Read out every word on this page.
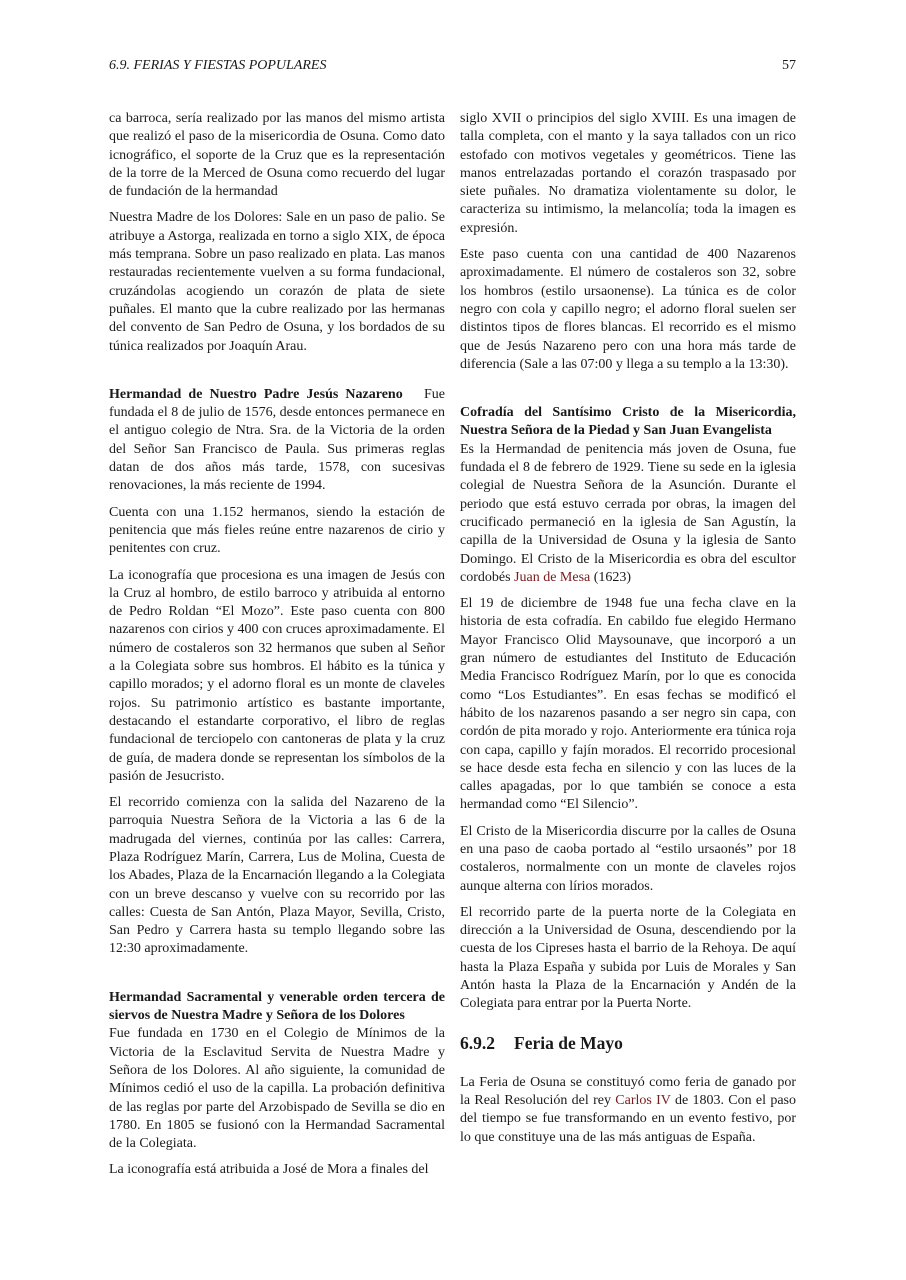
6.9. FERIAS Y FIESTAS POPULARES	57

ca barroca, sería realizado por las manos del mismo artista que realizó el paso de la misericordia de Osuna. Como dato icnográfico, el soporte de la Cruz que es la representación de la torre de la Merced de Osuna como recuerdo del lugar de fundación de la hermandad

Nuestra Madre de los Dolores: Sale en un paso de palio. Se atribuye a Astorga, realizada en torno a siglo XIX, de época más temprana. Sobre un paso realizado en plata. Las manos restauradas recientemente vuelven a su forma fundacional, cruzándolas acogiendo un corazón de plata de siete puñales. El manto que la cubre realizado por las hermanas del convento de San Pedro de Osuna, y los bordados de su túnica realizados por Joaquín Arau.

Hermandad de Nuestro Padre Jesús Nazareno Fue fundada el 8 de julio de 1576, desde entonces permanece en el antiguo colegio de Ntra. Sra. de la Victoria de la orden del Señor San Francisco de Paula. Sus primeras reglas datan de dos años más tarde, 1578, con sucesivas renovaciones, la más reciente de 1994.

Cuenta con una 1.152 hermanos, siendo la estación de penitencia que más fieles reúne entre nazarenos de cirio y penitentes con cruz.

La iconografía que procesiona es una imagen de Jesús con la Cruz al hombro, de estilo barroco y atribuida al entorno de Pedro Roldan “El Mozo”. Este paso cuenta con 800 nazarenos con cirios y 400 con cruces aproximadamente. El número de costaleros son 32 hermanos que suben al Señor a la Colegiata sobre sus hombros. El hábito es la túnica y capillo morados; y el adorno floral es un monte de claveles rojos. Su patrimonio artístico es bastante importante, destacando el estandarte corporativo, el libro de reglas fundacional de terciopelo con cantoneras de plata y la cruz de guía, de madera donde se representan los símbolos de la pasión de Jesucristo.

El recorrido comienza con la salida del Nazareno de la parroquia Nuestra Señora de la Victoria a las 6 de la madrugada del viernes, continúa por las calles: Carrera, Plaza Rodríguez Marín, Carrera, Lus de Molina, Cuesta de los Abades, Plaza de la Encarnación llegando a la Colegiata con un breve descanso y vuelve con su recorrido por las calles: Cuesta de San Antón, Plaza Mayor, Sevilla, Cristo, San Pedro y Carrera hasta su templo llegando sobre las 12:30 aproximadamente.

Hermandad Sacramental y venerable orden tercera de siervos de Nuestra Madre y Señora de los Dolores

Fue fundada en 1730 en el Colegio de Mínimos de la Victoria de la Esclavitud Servita de Nuestra Madre y Señora de los Dolores. Al año siguiente, la comunidad de Mínimos cedió el uso de la capilla. La probación definitiva de las reglas por parte del Arzobispado de Sevilla se dio en 1780. En 1805 se fusionó con la Hermandad Sacramental de la Colegiata.

La iconografía está atribuida a José de Mora a finales del

siglo XVII o principios del siglo XVIII. Es una imagen de talla completa, con el manto y la saya tallados con un rico estofado con motivos vegetales y geométricos. Tiene las manos entrelazadas portando el corazón traspasado por siete puñales. No dramatiza violentamente su dolor, le caracteriza su intimismo, la melancolía; toda la imagen es expresión.

Este paso cuenta con una cantidad de 400 Nazarenos aproximadamente. El número de costaleros son 32, sobre los hombros (estilo ursaonense). La túnica es de color negro con cola y capillo negro; el adorno floral suelen ser distintos tipos de flores blancas. El recorrido es el mismo que de Jesús Nazareno pero con una hora más tarde de diferencia (Sale a las 07:00 y llega a su templo a la 13:30).

Cofradía del Santísimo Cristo de la Misericordia, Nuestra Señora de la Piedad y San Juan Evangelista

Es la Hermandad de penitencia más joven de Osuna, fue fundada el 8 de febrero de 1929. Tiene su sede en la iglesia colegial de Nuestra Señora de la Asunción. Durante el periodo que está estuvo cerrada por obras, la imagen del crucificado permaneció en la iglesia de San Agustín, la capilla de la Universidad de Osuna y la iglesia de Santo Domingo. El Cristo de la Misericordia es obra del escultor cordobés Juan de Mesa (1623)

El 19 de diciembre de 1948 fue una fecha clave en la historia de esta cofradía. En cabildo fue elegido Hermano Mayor Francisco Olid Maysounave, que incorporó a un gran número de estudiantes del Instituto de Educación Media Francisco Rodríguez Marín, por lo que es conocida como “Los Estudiantes”. En esas fechas se modificó el hábito de los nazarenos pasando a ser negro sin capa, con cordón de pita morado y rojo. Anteriormente era túnica roja con capa, capillo y fajín morados. El recorrido procesional se hace desde esta fecha en silencio y con las luces de la calles apagadas, por lo que también se conoce a esta hermandad como “El Silencio”.

El Cristo de la Misericordia discurre por la calles de Osuna en una paso de caoba portado al “estilo ursaonés” por 18 costaleros, normalmente con un monte de claveles rojos aunque alterna con lírios morados.

El recorrido parte de la puerta norte de la Colegiata en dirección a la Universidad de Osuna, descendiendo por la cuesta de los Cipreses hasta el barrio de la Rehoya. De aquí hasta la Plaza España y subida por Luis de Morales y San Antón hasta la Plaza de la Encarnación y Andén de la Colegiata para entrar por la Puerta Norte.

6.9.2 Feria de Mayo

La Feria de Osuna se constituyó como feria de ganado por la Real Resolución del rey Carlos IV de 1803. Con el paso del tiempo se fue transformando en un evento festivo, por lo que constituye una de las más antiguas de España.
